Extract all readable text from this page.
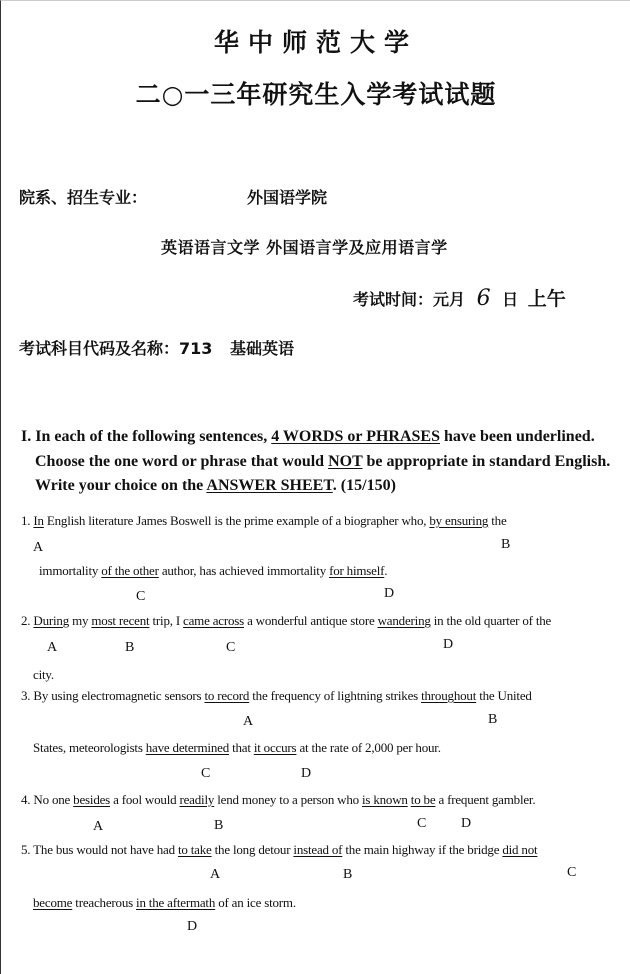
华中师范大学
二○一三年研究生入学考试试题
院系、招生专业：	外国语学院
英语语言文学 外国语言学及应用语言学
考试时间：元月 6 日 上午
考试科目代码及名称：713 基础英语
I. In each of the following sentences, 4 WORDS or PHRASES have been underlined.
Choose the one word or phrase that would NOT be appropriate in standard English.
Write your choice on the ANSWER SHEET. (15/150)
1. In English literature James Boswell is the prime example of a biographer who, by ensuring the
A	B
immortality of the other author, has achieved immortality for himself.
C	D
2. During my most recent trip, I came across a wonderful antique store wandering in the old quarter of the
A	B	C	D
city.
3. By using electromagnetic sensors to record the frequency of lightning strikes throughout the United
A	B
States, meteorologists have determined that it occurs at the rate of 2,000 per hour.
C	D
4. No one besides a fool would readily lend money to a person who is known to be a frequent gambler.
A	B	C D
5. The bus would not have had to take the long detour instead of the main highway if the bridge did not
A	B	C
become treacherous in the aftermath of an ice storm.
D
